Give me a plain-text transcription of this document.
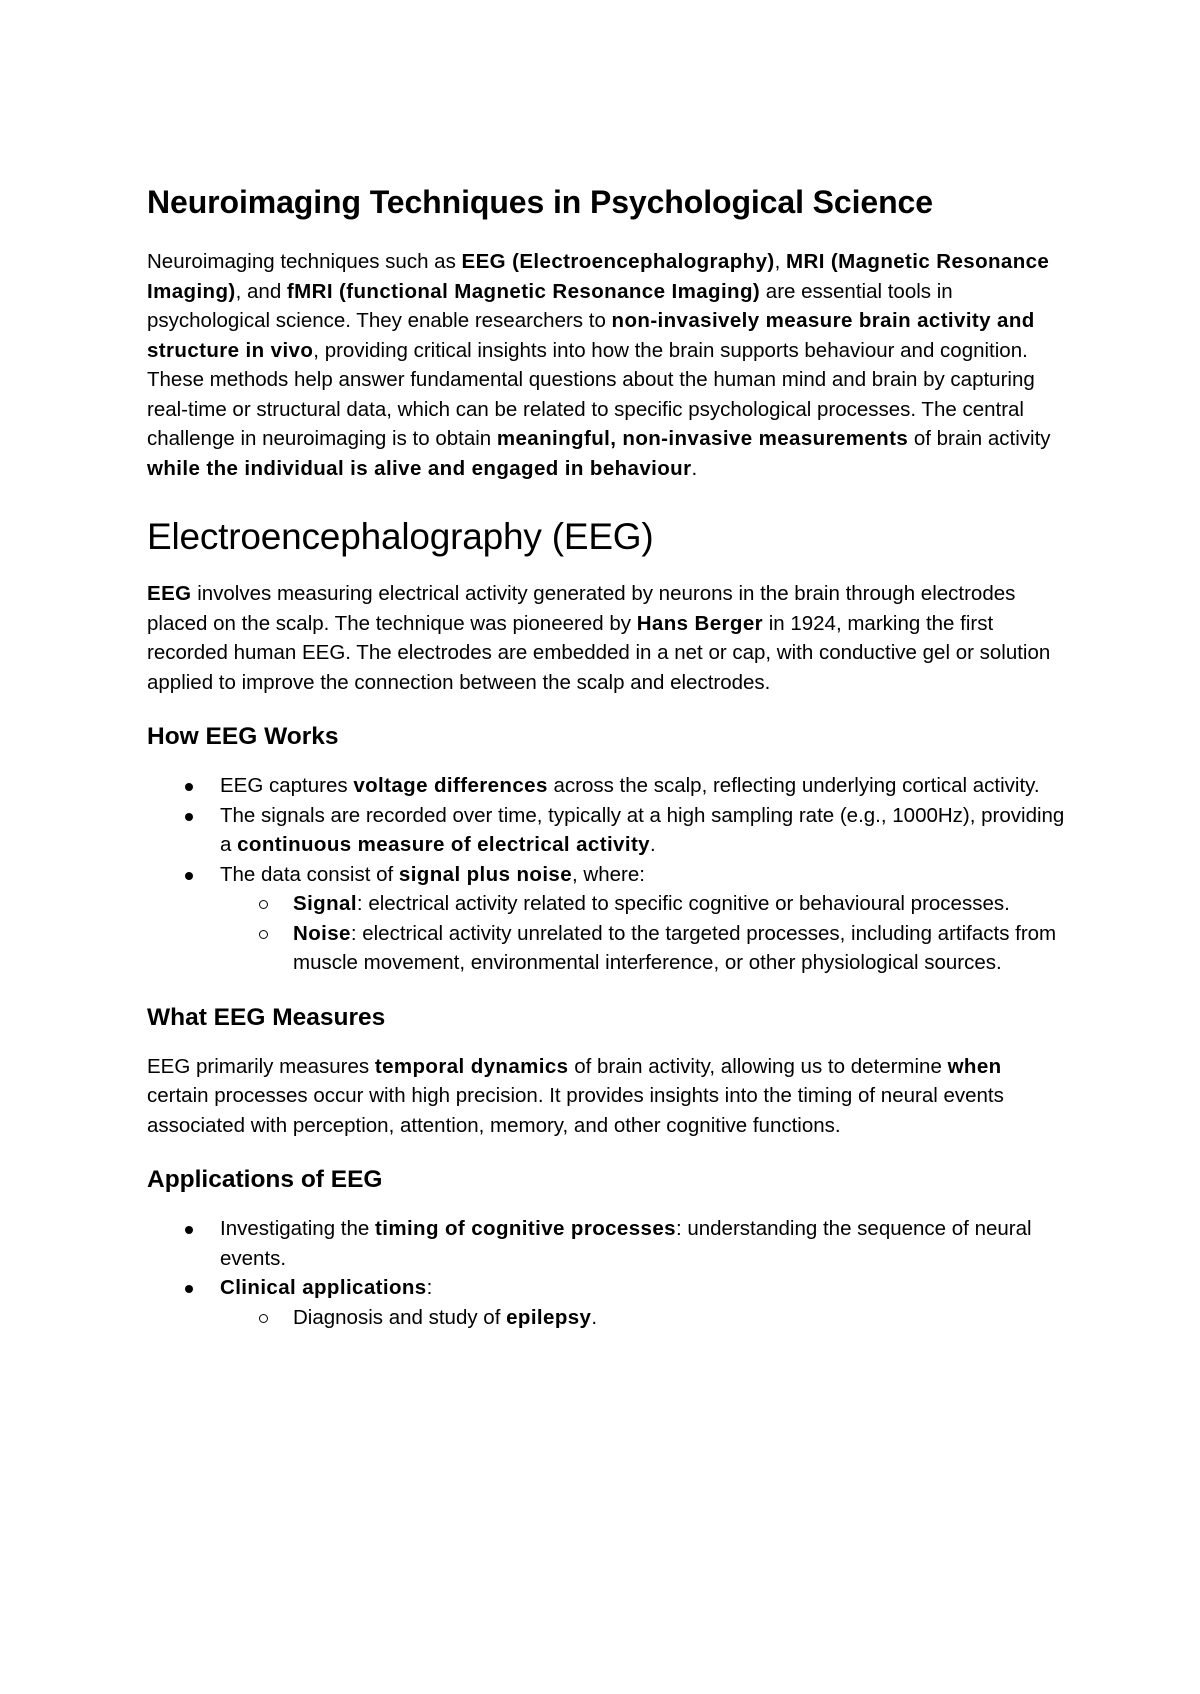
Neuroimaging Techniques in Psychological Science

Neuroimaging techniques such as EEG (Electroencephalography), MRI (Magnetic Resonance Imaging), and fMRI (functional Magnetic Resonance Imaging) are essential tools in psychological science. They enable researchers to non-invasively measure brain activity and structure in vivo, providing critical insights into how the brain supports behaviour and cognition. These methods help answer fundamental questions about the human mind and brain by capturing real-time or structural data, which can be related to specific psychological processes. The central challenge in neuroimaging is to obtain meaningful, non-invasive measurements of brain activity while the individual is alive and engaged in behaviour.

Electroencephalography (EEG)

EEG involves measuring electrical activity generated by neurons in the brain through electrodes placed on the scalp. The technique was pioneered by Hans Berger in 1924, marking the first recorded human EEG. The electrodes are embedded in a net or cap, with conductive gel or solution applied to improve the connection between the scalp and electrodes.

How EEG Works
EEG captures voltage differences across the scalp, reflecting underlying cortical activity.
The signals are recorded over time, typically at a high sampling rate (e.g., 1000Hz), providing a continuous measure of electrical activity.
The data consist of signal plus noise, where:
Signal: electrical activity related to specific cognitive or behavioural processes.
Noise: electrical activity unrelated to the targeted processes, including artifacts from muscle movement, environmental interference, or other physiological sources.
What EEG Measures

EEG primarily measures temporal dynamics of brain activity, allowing us to determine when certain processes occur with high precision. It provides insights into the timing of neural events associated with perception, attention, memory, and other cognitive functions.

Applications of EEG
Investigating the timing of cognitive processes: understanding the sequence of neural events.
Clinical applications:
Diagnosis and study of epilepsy.
